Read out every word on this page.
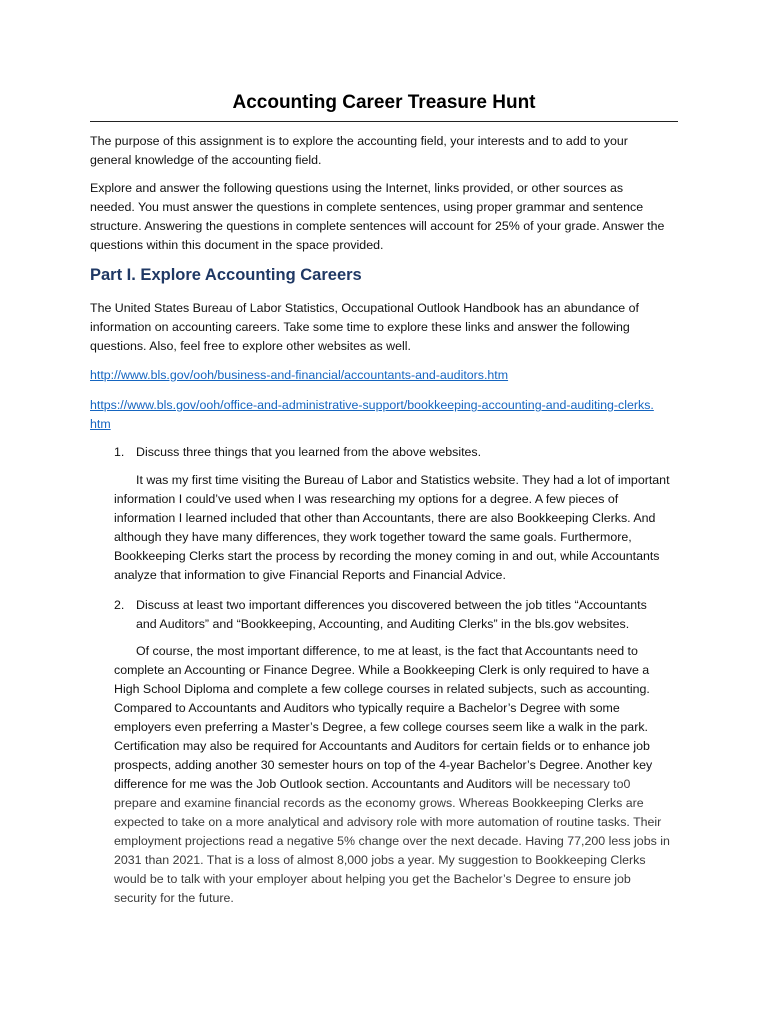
Accounting Career Treasure Hunt

The purpose of this assignment is to explore the accounting field, your interests and to add to your general knowledge of the accounting field.

Explore and answer the following questions using the Internet, links provided, or other sources as needed. You must answer the questions in complete sentences, using proper grammar and sentence structure. Answering the questions in complete sentences will account for 25% of your grade. Answer the questions within this document in the space provided.

Part I. Explore Accounting Careers

The United States Bureau of Labor Statistics, Occupational Outlook Handbook has an abundance of information on accounting careers. Take some time to explore these links and answer the following questions. Also, feel free to explore other websites as well.

http://www.bls.gov/ooh/business-and-financial/accountants-and-auditors.htm
https://www.bls.gov/ooh/office-and-administrative-support/bookkeeping-accounting-and-auditing-clerks.htm
1. Discuss three things that you learned from the above websites.
It was my first time visiting the Bureau of Labor and Statistics website. They had a lot of important information I could’ve used when I was researching my options for a degree. A few pieces of information I learned included that other than Accountants, there are also Bookkeeping Clerks. And although they have many differences, they work together toward the same goals. Furthermore, Bookkeeping Clerks start the process by recording the money coming in and out, while Accountants analyze that information to give Financial Reports and Financial Advice.
2. Discuss at least two important differences you discovered between the job titles “Accountants and Auditors” and “Bookkeeping, Accounting, and Auditing Clerks” in the bls.gov websites.
Of course, the most important difference, to me at least, is the fact that Accountants need to complete an Accounting or Finance Degree. While a Bookkeeping Clerk is only required to have a High School Diploma and complete a few college courses in related subjects, such as accounting. Compared to Accountants and Auditors who typically require a Bachelor’s Degree with some employers even preferring a Master’s Degree, a few college courses seem like a walk in the park. Certification may also be required for Accountants and Auditors for certain fields or to enhance job prospects, adding another 30 semester hours on top of the 4-year Bachelor’s Degree. Another key difference for me was the Job Outlook section. Accountants and Auditors will be necessary to0 prepare and examine financial records as the economy grows. Whereas Bookkeeping Clerks are expected to take on a more analytical and advisory role with more automation of routine tasks. Their employment projections read a negative 5% change over the next decade. Having 77,200 less jobs in 2031 than 2021. That is a loss of almost 8,000 jobs a year. My suggestion to Bookkeeping Clerks would be to talk with your employer about helping you get the Bachelor’s Degree to ensure job security for the future.
